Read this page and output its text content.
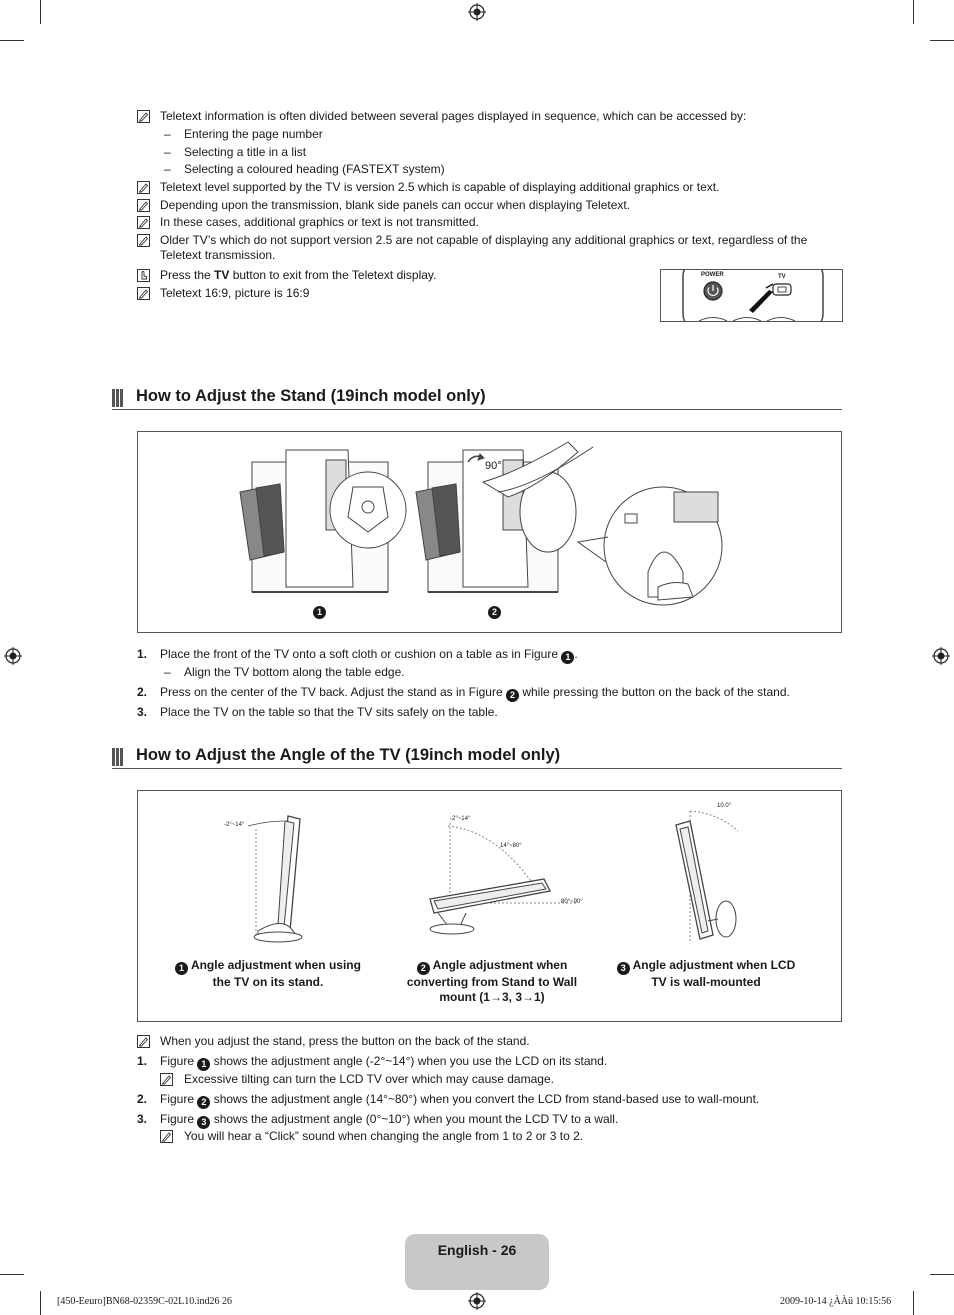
Teletext information is often divided between several pages displayed in sequence, which can be accessed by:
– Entering the page number
– Selecting a title in a list
– Selecting a coloured heading (FASTEXT system)
Teletext level supported by the TV is version 2.5 which is capable of displaying additional graphics or text.
Depending upon the transmission, blank side panels can occur when displaying Teletext.
In these cases, additional graphics or text is not transmitted.
Older TV’s which do not support version 2.5 are not capable of displaying any additional graphics or text, regardless of the Teletext transmission.
Press the TV button to exit from the Teletext display.
Teletext 16:9, picture is 16:9
POWER	TV
How to Adjust the Stand (19inch model only)
90°
1	2
1. Place the front of the TV onto a soft cloth or cushion on a table as in Figure 1 .
– Align the TV bottom along the table edge.
2. Press on the center of the TV back. Adjust the stand as in Figure 2 while pressing the button on the back of the stand.
3. Place the TV on the table so that the TV sits safely on the table.
How to Adjust the Angle of the TV (19inch model only)
-2°~14°
-2°~14°
14°~80°
80°~90°
10.0°
1 Angle adjustment when using the TV on its stand.
2 Angle adjustment when converting from Stand to Wall mount (1→3, 3→1)
3 Angle adjustment when LCD TV is wall-mounted
When you adjust the stand, press the button on the back of the stand.
1. Figure 1 shows the adjustment angle (-2°~14°) when you use the LCD on its stand.
Excessive tilting can turn the LCD TV over which may cause damage.
2. Figure 2 shows the adjustment angle (14°~80°) when you convert the LCD from stand-based use to wall-mount.
3. Figure 3 shows the adjustment angle (0°~10°) when you mount the LCD TV to a wall.
You will hear a “Click” sound when changing the angle from 1 to 2 or 3 to 2.
English - 26
[450-Eeuro]BN68-02359C-02L10.ind26 26	2009-10-14 ¿ÀÀü 10:15:56
